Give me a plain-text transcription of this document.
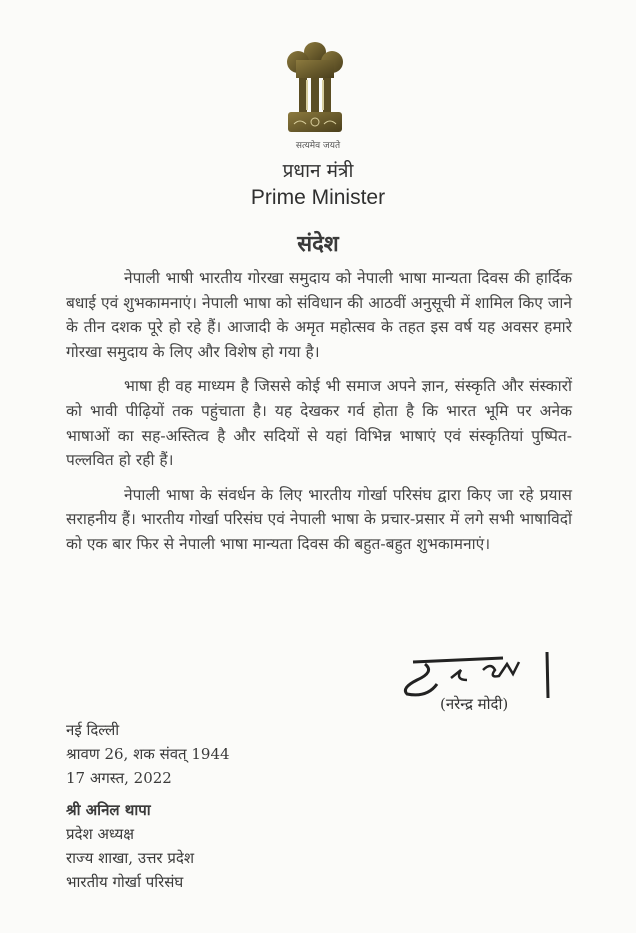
सत्यमेव जयते
प्रधान मंत्री
Prime Minister
संदेश

नेपाली भाषी भारतीय गोरखा समुदाय को नेपाली भाषा मान्यता दिवस की हार्दिक बधाई एवं शुभकामनाएं। नेपाली भाषा को संविधान की आठवीं अनुसूची में शामिल किए जाने के तीन दशक पूरे हो रहे हैं। आजादी के अमृत महोत्सव के तहत इस वर्ष यह अवसर हमारे गोरखा समुदाय के लिए और विशेष हो गया है।

भाषा ही वह माध्यम है जिससे कोई भी समाज अपने ज्ञान, संस्कृति और संस्कारों को भावी पीढ़ियों तक पहुंचाता है। यह देखकर गर्व होता है कि भारत भूमि पर अनेक भाषाओं का सह-अस्तित्व है और सदियों से यहां विभिन्न भाषाएं एवं संस्कृतियां पुष्पित-पल्लवित हो रही हैं।

नेपाली भाषा के संवर्धन के लिए भारतीय गोर्खा परिसंघ द्वारा किए जा रहे प्रयास सराहनीय हैं। भारतीय गोर्खा परिसंघ एवं नेपाली भाषा के प्रचार-प्रसार में लगे सभी भाषाविदों को एक बार फिर से नेपाली भाषा मान्यता दिवस की बहुत-बहुत शुभकामनाएं।

(नरेन्द्र मोदी)
नई दिल्ली
श्रावण 26, शक संवत् 1944
17 अगस्त, 2022
श्री अनिल थापा
प्रदेश अध्यक्ष
राज्य शाखा, उत्तर प्रदेश
भारतीय गोर्खा परिसंघ
